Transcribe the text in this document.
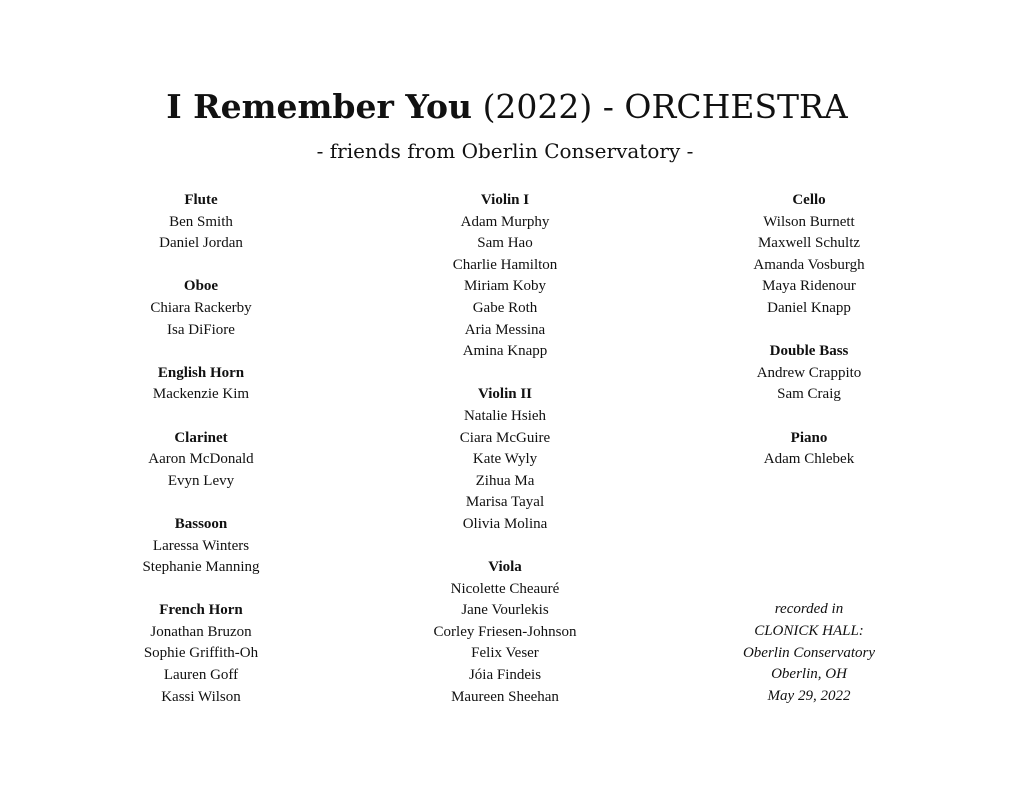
I Remember You (2022) - ORCHESTRA
- friends from Oberlin Conservatory -
Flute
Ben Smith
Daniel Jordan
Oboe
Chiara Rackerby
Isa DiFiore
English Horn
Mackenzie Kim
Clarinet
Aaron McDonald
Evyn Levy
Bassoon
Laressa Winters
Stephanie Manning
French Horn
Jonathan Bruzon
Sophie Griffith-Oh
Lauren Goff
Kassi Wilson
Violin I
Adam Murphy
Sam Hao
Charlie Hamilton
Miriam Koby
Gabe Roth
Aria Messina
Amina Knapp
Violin II
Natalie Hsieh
Ciara McGuire
Kate Wyly
Zihua Ma
Marisa Tayal
Olivia Molina
Viola
Nicolette Cheauré
Jane Vourlekis
Corley Friesen-Johnson
Felix Veser
Jóia Findeis
Maureen Sheehan
Cello
Wilson Burnett
Maxwell Schultz
Amanda Vosburgh
Maya Ridenour
Daniel Knapp
Double Bass
Andrew Crappito
Sam Craig
Piano
Adam Chlebek
recorded in
CLONICK HALL:
Oberlin Conservatory
Oberlin, OH
May 29, 2022
